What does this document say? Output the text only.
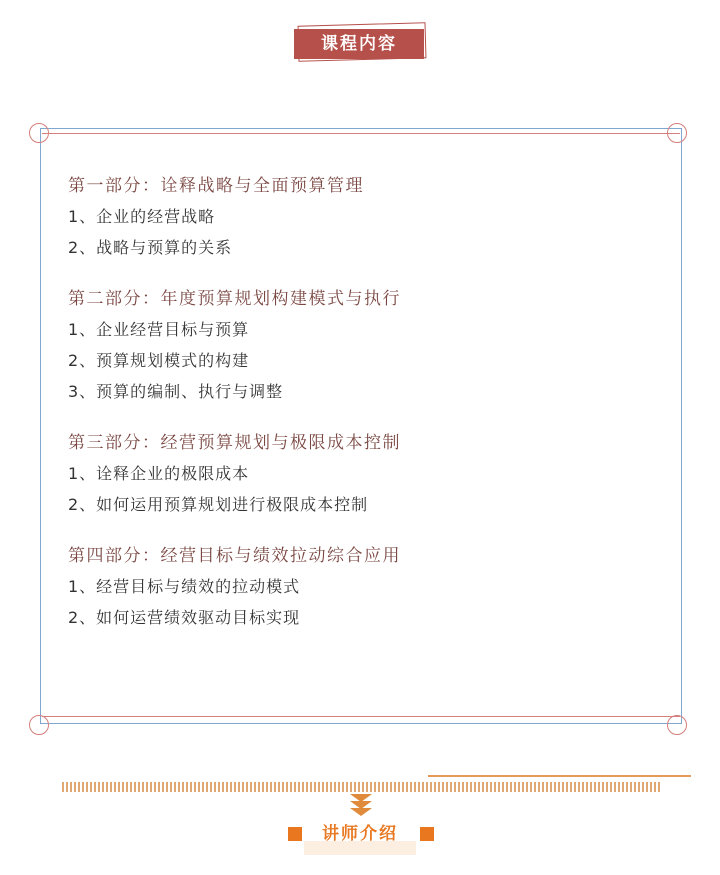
课程内容
第一部分：诠释战略与全面预算管理
1、企业的经营战略
2、战略与预算的关系
第二部分：年度预算规划构建模式与执行
1、企业经营目标与预算
2、预算规划模式的构建
3、预算的编制、执行与调整
第三部分：经营预算规划与极限成本控制
1、诠释企业的极限成本
2、如何运用预算规划进行极限成本控制
第四部分：经营目标与绩效拉动综合应用
1、经营目标与绩效的拉动模式
2、如何运营绩效驱动目标实现
讲师介绍
